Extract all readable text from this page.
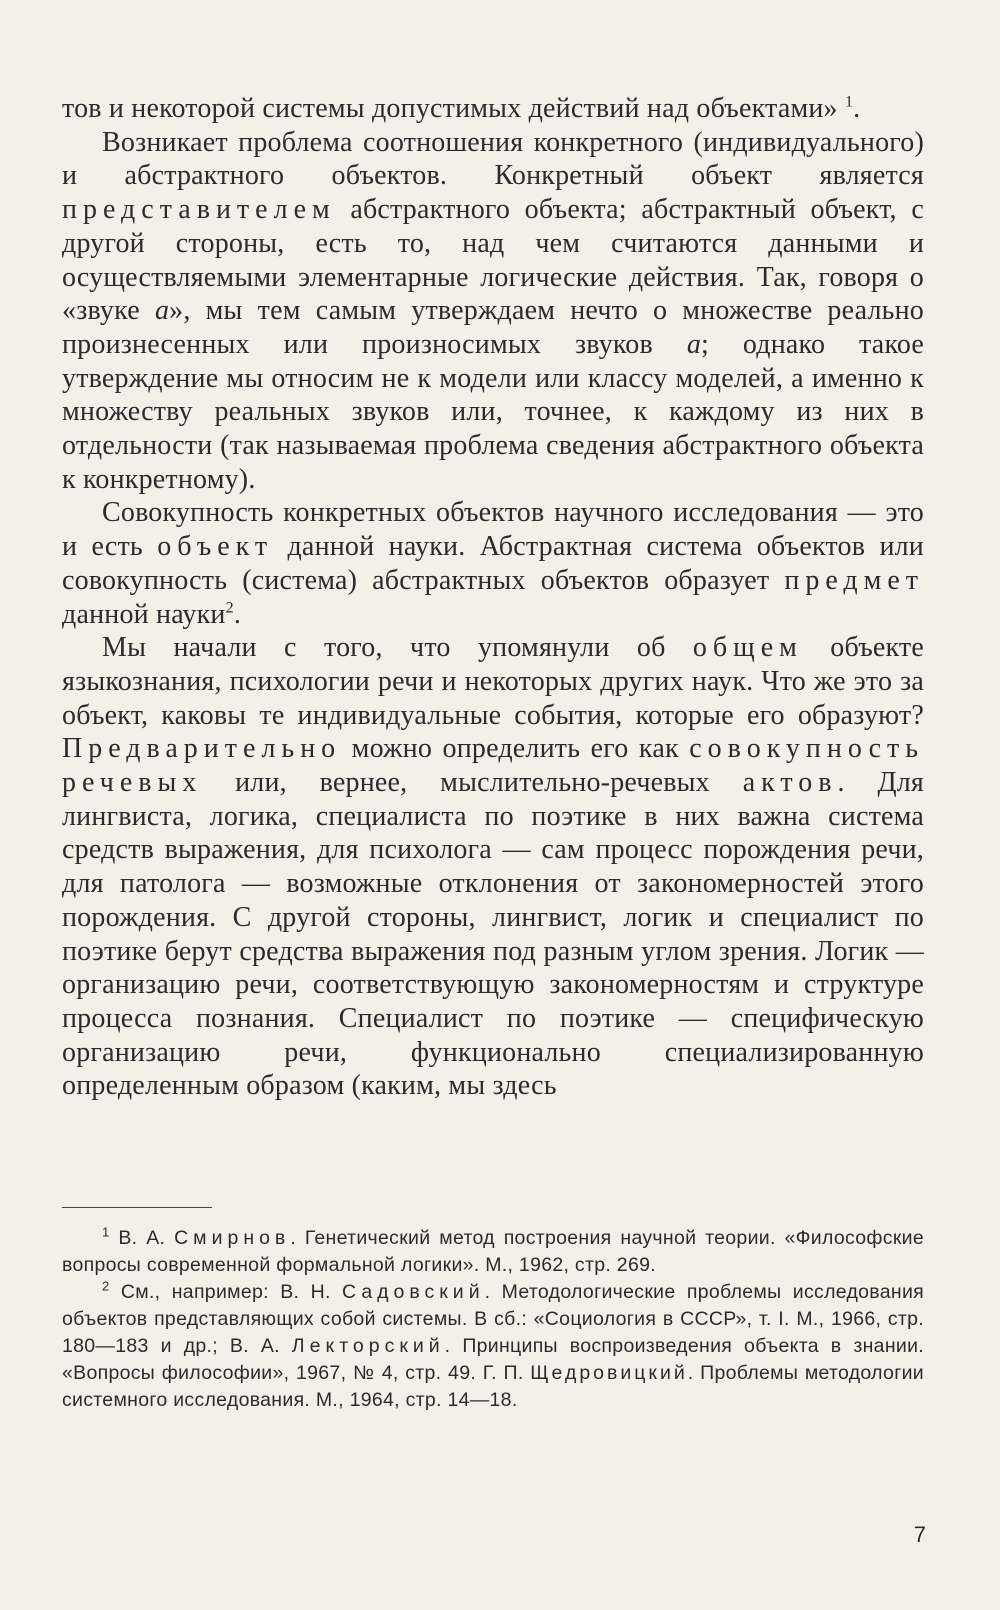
тов и некоторой системы допустимых действий над объектами» $^1$.

Возникает проблема соотношения конкретного (индивидуального) и абстрактного объектов. Конкретный объект является представителем абстрактного объекта; абстрактный объект, с другой стороны, есть то, над чем считаются данными и осуществляемыми элементарные логические действия. Так, говоря о «звуке а», мы тем самым утверждаем нечто о множестве реально произнесенных или произносимых звуков а; однако такое утверждение мы относим не к модели или классу моделей, а именно к множеству реальных звуков или, точнее, к каждому из них в отдельности (так называемая проблема сведения абстрактного объекта к конкретному).

Совокупность конкретных объектов научного исследования — это и есть объект данной науки. Абстрактная система объектов или совокупность (система) абстрактных объектов образует предмет данной науки$^2$.

Мы начали с того, что упомянули об общем объекте языкознания, психологии речи и некоторых других наук. Что же это за объект, каковы те индивидуальные события, которые его образуют? Предварительно можно определить его как совокупность речевых или, вернее, мыслительно-речевых актов. Для лингвиста, логика, специалиста по поэтике в них важна система средств выражения, для психолога — сам процесс порождения речи, для патолога — возможные отклонения от закономерностей этого порождения. С другой стороны, лингвист, логик и специалист по поэтике берут средства выражения под разным углом зрения. Логик — организацию речи, соответствующую закономерностям и структуре процесса познания. Специалист по поэтике — специфическую организацию речи, функционально специализированную определенным образом (каким, мы здесь

$^1$ В. А. Смирнов. Генетический метод построения научной теории. «Философские вопросы современной формальной логики». М., 1962, стр. 269.

$^2$ См., например: В. Н. Садовский. Методологические проблемы исследования объектов представляющих собой системы. В сб.: «Социология в СССР», т. I. М., 1966, стр. 180—183 и др.; В. А. Лекторский. Принципы воспроизведения объекта в знании. «Вопросы философии», 1967, № 4, стр. 49. Г. П. Щедровицкий. Проблемы методологии системного исследования. М., 1964, стр. 14—18.

7
